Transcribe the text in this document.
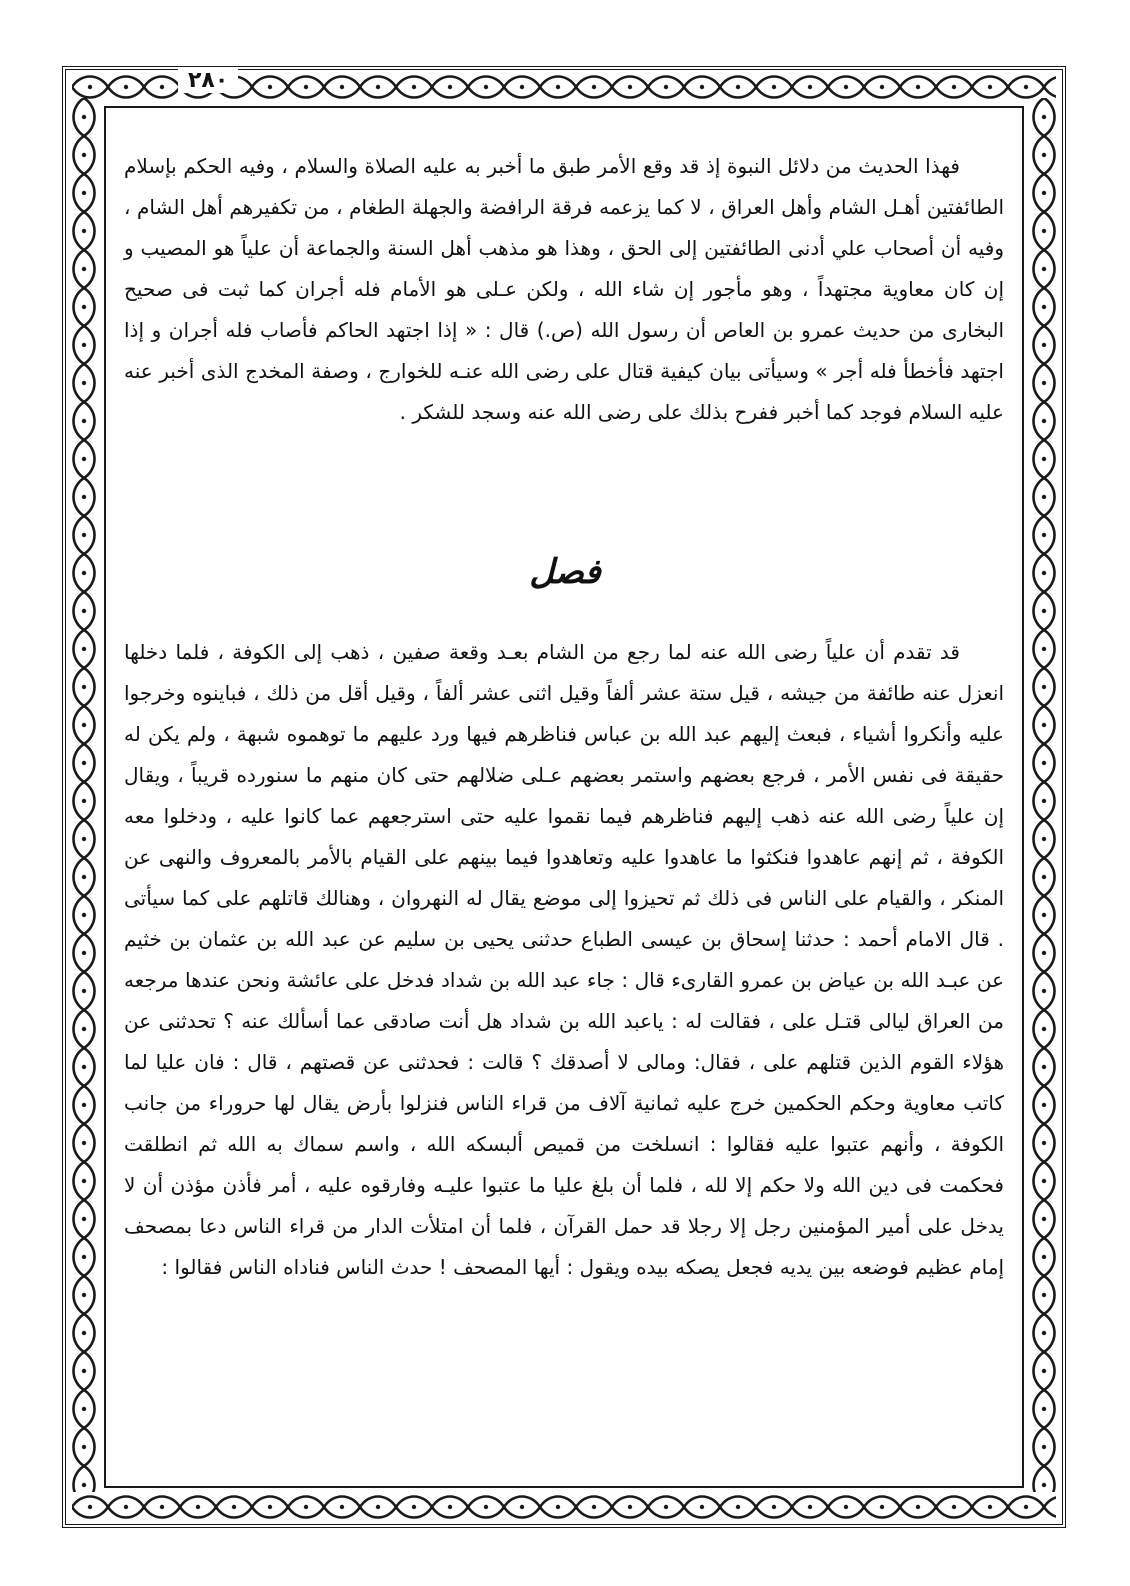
٢٨٠

فهذا الحديث من دلائل النبوة إذ قد وقع الأمر طبق ما أخبر به عليه الصلاة والسلام ، وفيه الحكم بإسلام الطائفتين أهـل الشام وأهل العراق ، لا كما يزعمه فرقة الرافضة والجهلة الطغام ، من تكفيرهم أهل الشام ، وفيه أن أصحاب علي أدنى الطائفتين إلى الحق ، وهذا هو مذهب أهل السنة والجماعة أن علياً هو المصيب و إن كان معاوية مجتهداً ، وهو مأجور إن شاء الله ، ولكن عـلى هو الأمام فله أجران كما ثبت فى صحيح البخارى من حديث عمرو بن العاص أن رسول الله (ص.) قال : « إذا اجتهد الحاكم فأصاب فله أجران و إذا اجتهد فأخطأ فله أجر » وسيأتى بيان كيفية قتال على رضى الله عنـه للخوارج ، وصفة المخدج الذى أخبر عنه عليه السلام فوجد كما أخبر ففرح بذلك على رضى الله عنه وسجد للشكر .

فصل

قد تقدم أن علياً رضى الله عنه لما رجع من الشام بعـد وقعة صفين ، ذهب إلى الكوفة ، فلما دخلها انعزل عنه طائفة من جيشه ، قيل ستة عشر ألفاً وقيل اثنى عشر ألفاً ، وقيل أقل من ذلك ، فباينوه وخرجوا عليه وأنكروا أشياء ، فبعث إليهم عبد الله بن عباس فناظرهم فيها ورد عليهم ما توهموه شبهة ، ولم يكن له حقيقة فى نفس الأمر ، فرجع بعضهم واستمر بعضهم عـلى ضلالهم حتى كان منهم ما سنورده قريباً ، ويقال إن علياً رضى الله عنه ذهب إليهم فناظرهم فيما نقموا عليه حتى استرجعهم عما كانوا عليه ، ودخلوا معه الكوفة ، ثم إنهم عاهدوا فنكثوا ما عاهدوا عليه وتعاهدوا فيما بينهم على القيام بالأمر بالمعروف والنهى عن المنكر ، والقيام على الناس فى ذلك ثم تحيزوا إلى موضع يقال له النهروان ، وهنالك قاتلهم على كما سيأتى . قال الامام أحمد : حدثنا إسحاق بن عيسى الطباع حدثنى يحيى بن سليم عن عبد الله بن عثمان بن خثيم عن عبـد الله بن عياض بن عمرو القارىء قال : جاء عبد الله بن شداد فدخل على عائشة ونحن عندها مرجعه من العراق ليالى قتـل على ، فقالت له : ياعبد الله بن شداد هل أنت صادقى عما أسألك عنه ؟ تحدثنى عن هؤلاء القوم الذين قتلهم على ، فقال: ومالى لا أصدقك ؟ قالت : فحدثنى عن قصتهم ، قال : فان عليا لما كاتب معاوية وحكم الحكمين خرج عليه ثمانية آلاف من قراء الناس فنزلوا بأرض يقال لها حروراء من جانب الكوفة ، وأنهم عتبوا عليه فقالوا : انسلخت من قميص ألبسكه الله ، واسم سماك به الله ثم انطلقت فحكمت فى دين الله ولا حكم إلا لله ، فلما أن بلغ عليا ما عتبوا عليـه وفارقوه عليه ، أمر فأذن مؤذن أن لا يدخل على أمير المؤمنين رجل إلا رجلا قد حمل القرآن ، فلما أن امتلأت الدار من قراء الناس دعا بمصحف إمام عظيم فوضعه بين يديه فجعل يصكه بيده ويقول : أيها المصحف ! حدث الناس فناداه الناس فقالوا :
